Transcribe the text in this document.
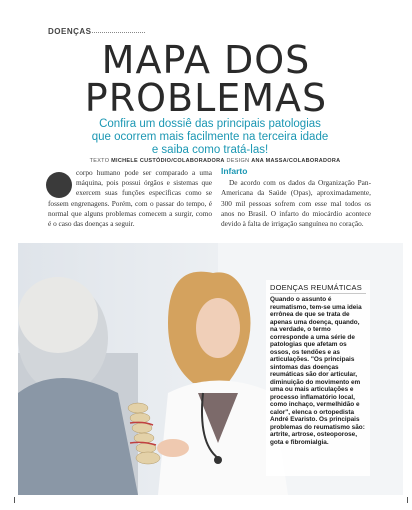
DOENÇAS
MAPA DOS
PROBLEMAS
Confira um dossiê das principais patologias que ocorrem mais facilmente na terceira idade e saiba como tratá-las!
TEXTO MICHELE CUSTÓDIO/COLABORADORA DESIGN ANA MASSA/COLABORADORA
corpo humano pode ser comparado a uma máquina, pois possui órgãos e sistemas que exercem suas funções específicas como se fossem engrenagens. Porém, com o passar do tempo, é normal que alguns problemas comecem a surgir, como é o caso das doenças a seguir.
Infarto

De acordo com os dados da Organização Pan-Americana da Saúde (Opas), aproximadamente, 300 mil pessoas sofrem com esse mal todos os anos no Brasil. O infarto do miocárdio acontece devido à falta de irrigação sanguínea no coração.

DOENÇAS REUMÁTICAS

Quando o assunto é reumatismo, tem-se uma ideia errônea de que se trata de apenas uma doença, quando, na verdade, o termo corresponde a uma série de patologias que afetam os ossos, os tendões e as articulações. "Os principais sintomas das doenças reumáticas são dor articular, diminuição do movimento em uma ou mais articulações e processo inflamatório local, como inchaço, vermelhidão e calor", elenca o ortopedista André Evaristo. Os principais problemas do reumatismo são: artrite, artrose, osteoporose, gota e fibromialgia.
